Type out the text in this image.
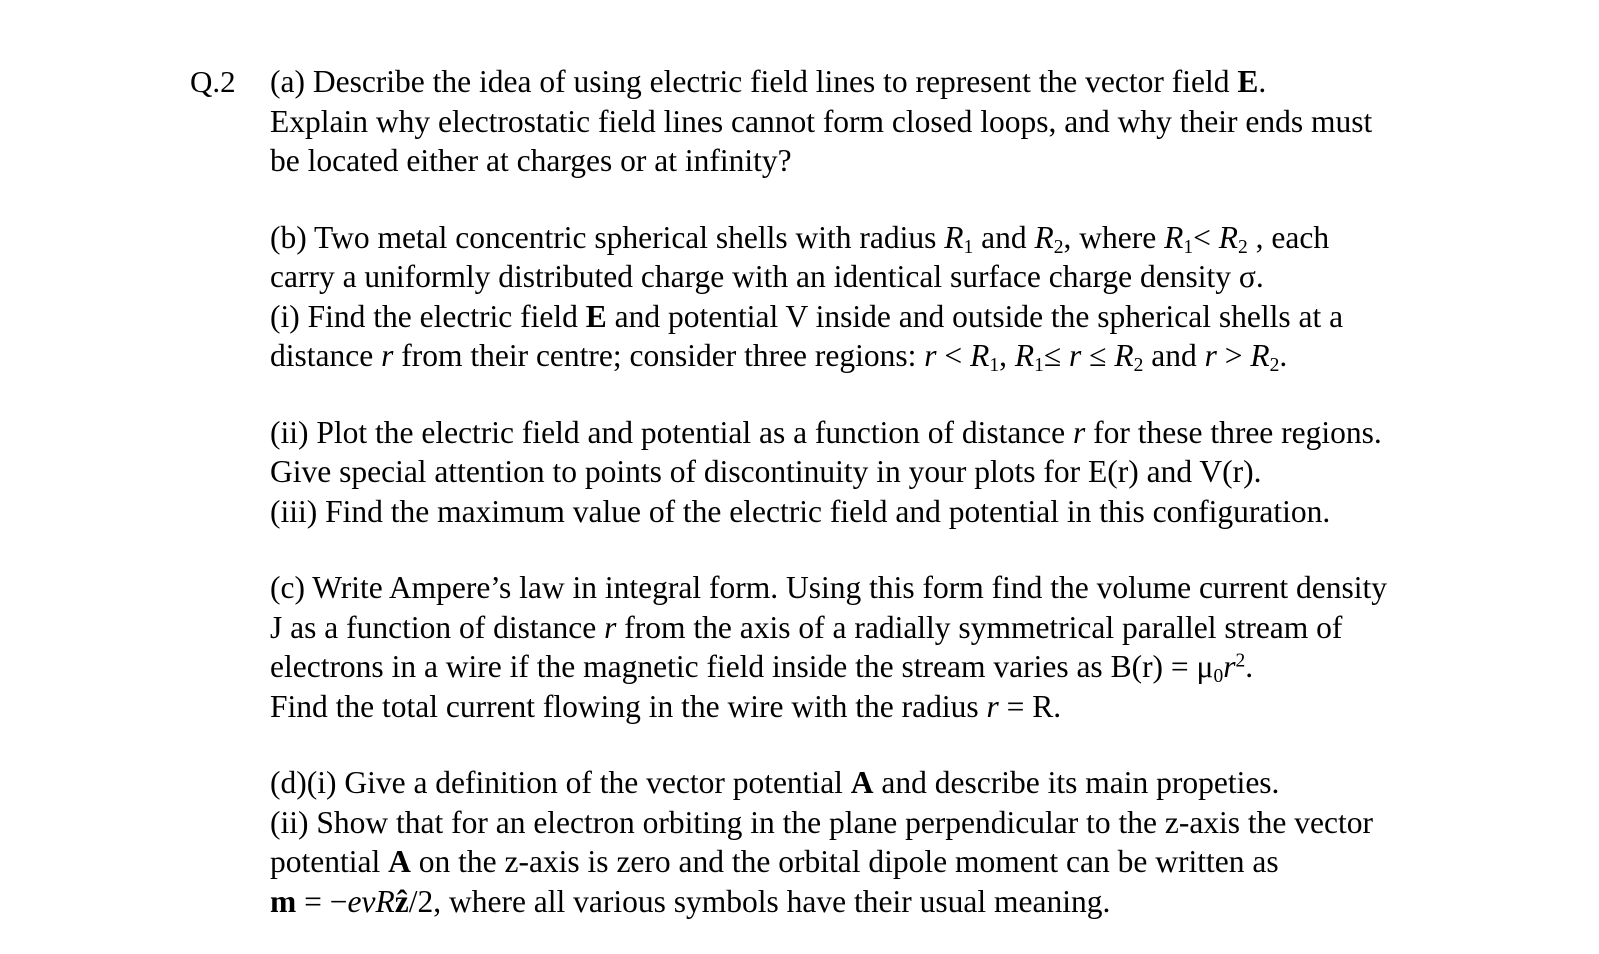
Q.2 (a) Describe the idea of using electric field lines to represent the vector field E.
Explain why electrostatic field lines cannot form closed loops, and why their ends must
be located either at charges or at infinity?
(b) Two metal concentric spherical shells with radius $R_1$ and $R_2$, where $R_1< R_2$ , each
carry a uniformly distributed charge with an identical surface charge density σ.
(i) Find the electric field E and potential V inside and outside the spherical shells at a
distance r from their centre; consider three regions: $r < R_1$, $R_1\le r \le R_2$ and $r > R_2$.
(ii) Plot the electric field and potential as a function of distance r for these three regions.
Give special attention to points of discontinuity in your plots for E(r) and V(r).
(iii) Find the maximum value of the electric field and potential in this configuration.
(c) Write Ampere’s law in integral form. Using this form find the volume current density
J as a function of distance r from the axis of a radially symmetrical parallel stream of
electrons in a wire if the magnetic field inside the stream varies as $B(r) = \mu_0r^2$.
Find the total current flowing in the wire with the radius r = R.
(d)(i) Give a definition of the vector potential A and describe its main propeties.
(ii) Show that for an electron orbiting in the plane perpendicular to the z-axis the vector
potential A on the z-axis is zero and the orbital dipole moment can be written as
m = −evRẑ/2, where all various symbols have their usual meaning.
